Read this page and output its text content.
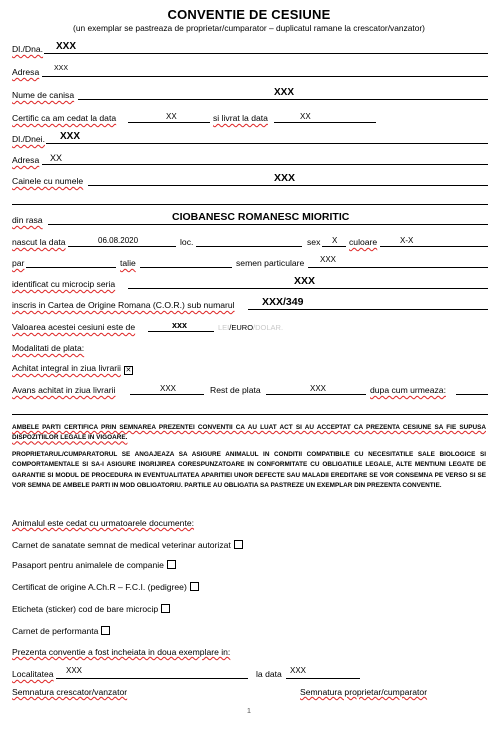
CONVENTIE DE CESIUNE
(un exemplar se pastreaza de proprietar/cumparator – duplicatul ramane la crescator/vanzator)
Dl./Dna. XXX
Adresa XXX
Nume de canisa	XXX
Certific ca am cedat la data	XX	si livrat la data	XX
Dl./Dnei. XXX
Adresa XX
Cainele cu numele	XXX
din rasa	CIOBANESC ROMANESC MIORITIC
nascut la data	06.08.2020	loc.	sex X culoare	X-X
par	talie	semen particulare XXX
identificat cu microcip seria	XXX
inscris in Cartea de Origine Romana (C.O.R.) sub numarul	XXX/349
Valoarea acestei cesiuni este de	xxx	LEI/EURO/DOLAR.
Modalitati de plata:
Achitat integral in ziua livrarii ✕
Avans achitat in ziua livrarii	XXX	Rest de plata	XXX	dupa cum urmeaza:
AMBELE PARTI CERTIFICA PRIN SEMNAREA PREZENTEI CONVENTII CA AU LUAT ACT SI AU ACCEPTAT CA PREZENTA CESIUNE SA FIE SUPUSA DISPOZITIILOR LEGALE IN VIGOARE.
PROPRIETARUL/CUMPARATORUL SE ANGAJEAZA SA ASIGURE ANIMALUL IN CONDITII COMPATIBILE CU NECESITATILE SALE BIOLOGICE SI COMPORTAMENTALE SI SA-I ASIGURE INGRIJIREA CORESPUNZATOARE IN CONFORMITATE CU OBLIGATIILE LEGALE, ALTE MENTIUNI LEGATE DE GARANTIE SI MODUL DE PROCEDURA IN EVENTUALITATEA APARITIEI UNOR DEFECTE SAU MALADII EREDITARE SE VOR CONSEMNA PE VERSO SI SE VOR SEMNA DE AMBELE PARTI IN MOD OBLIGATORIU. PARTILE AU OBLIGATIA SA PASTREZE UN EXEMPLAR DIN PREZENTA CONVENTIE.
Animalul este cedat cu urmatoarele documente:
Carnet de sanatate semnat de medical veterinar autorizat
Pasaport pentru animalele de companie
Certificat de origine A.Ch.R – F.C.I. (pedigree)
Eticheta (sticker) cod de bare microcip
Carnet de performanta
Prezenta conventie a fost incheiata in doua exemplare in:
Localitatea XXX	la data XXX
Semnatura crescator/vanzator	Semnatura proprietar/cumparator
1
